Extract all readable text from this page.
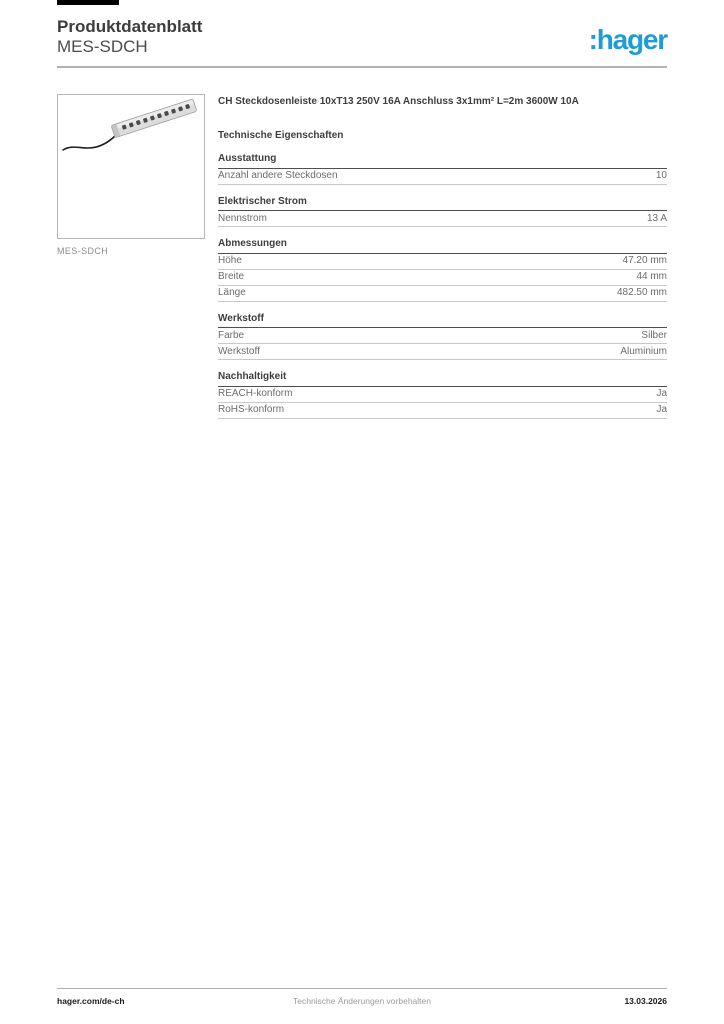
Produktdatenblatt
MES-SDCH	:hager
MES-SDCH
CH Steckdosenleiste 10xT13 250V 16A Anschluss 3x1mm² L=2m 3600W 10A
Technische Eigenschaften
Ausstattung
Anzahl andere Steckdosen	10
Elektrischer Strom
Nennstrom	13 A
Abmessungen
Höhe	47.20 mm
Breite	44 mm
Länge	482.50 mm
Werkstoff
Farbe	Silber
Werkstoff	Aluminium
Nachhaltigkeit
REACH-konform	Ja
RoHS-konform	Ja
hager.com/de-ch	Technische Änderungen vorbehalten	13.03.2026
